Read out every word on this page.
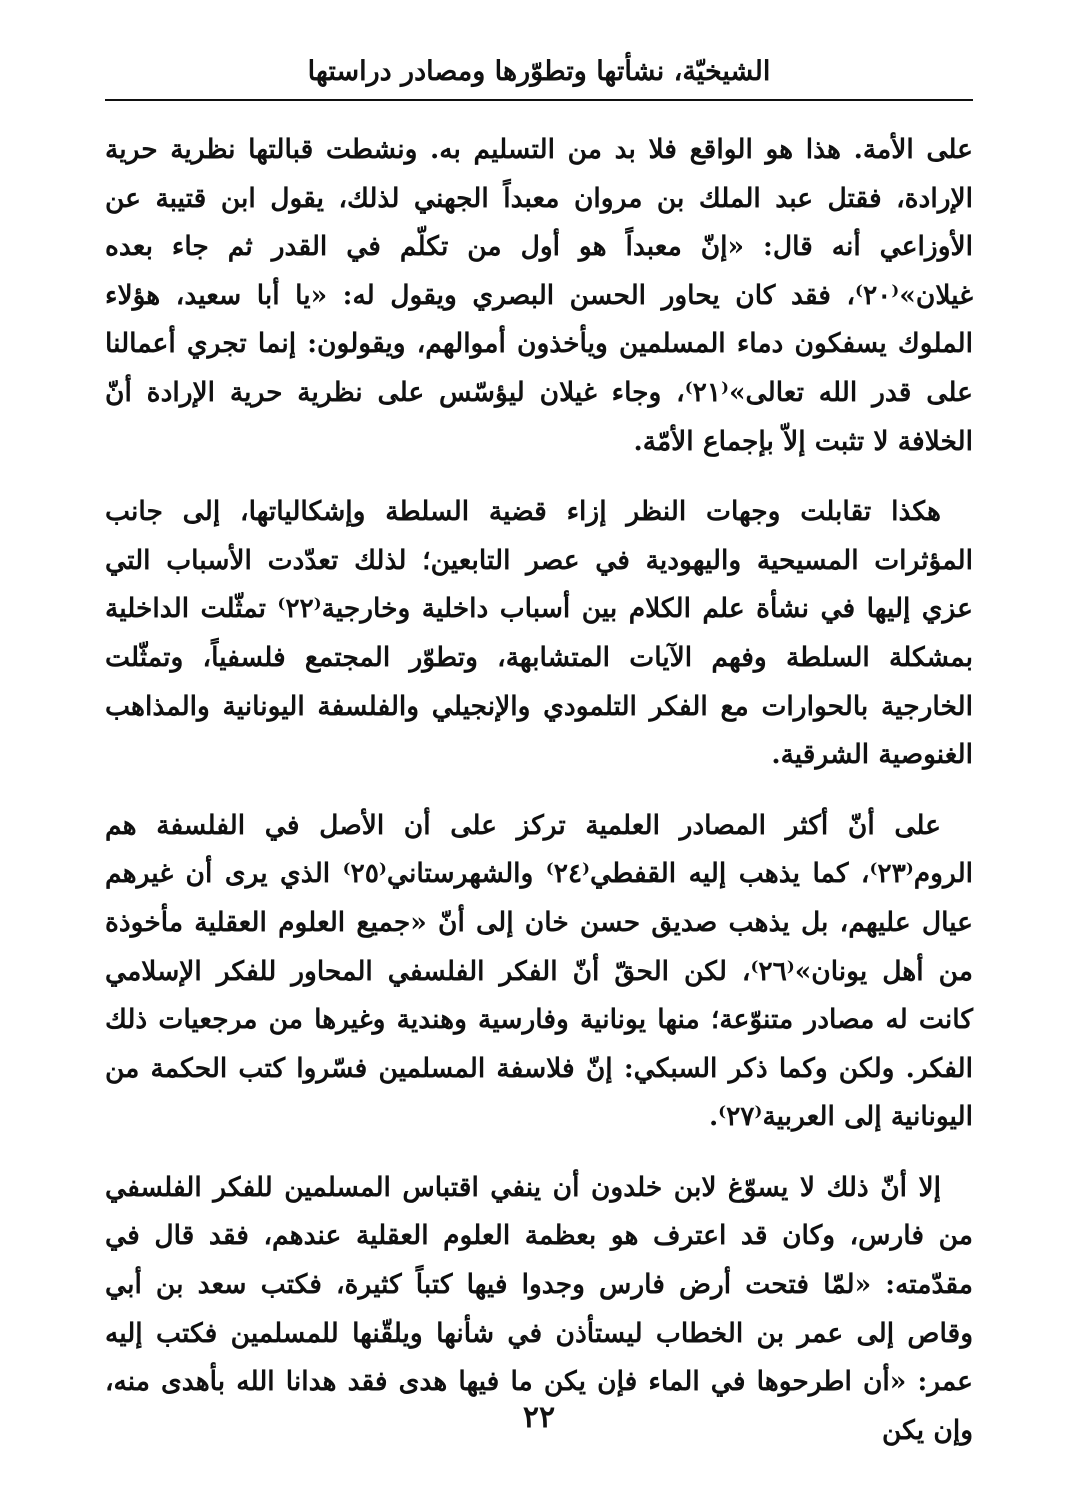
الشيخيّة، نشأتها وتطوّرها ومصادر دراستها

على الأمة. هذا هو الواقع فلا بد من التسليم به. ونشطت قبالتها نظرية حرية الإرادة، فقتل عبد الملك بن مروان معبداً الجهني لذلك، يقول ابن قتيبة عن الأوزاعي أنه قال: «إنّ معبداً هو أول من تكلّم في القدر ثم جاء بعده غيلان»⁽٢٠⁾، فقد كان يحاور الحسن البصري ويقول له: «يا أبا سعيد، هؤلاء الملوك يسفكون دماء المسلمين ويأخذون أموالهم، ويقولون: إنما تجري أعمالنا على قدر الله تعالى»⁽٢١⁾، وجاء غيلان ليؤسّس على نظرية حرية الإرادة أنّ الخلافة لا تثبت إلاّ بإجماع الأمّة.

هكذا تقابلت وجهات النظر إزاء قضية السلطة وإشكالياتها، إلى جانب المؤثرات المسيحية واليهودية في عصر التابعين؛ لذلك تعدّدت الأسباب التي عزي إليها في نشأة علم الكلام بين أسباب داخلية وخارجية⁽٢٢⁾ تمثّلت الداخلية بمشكلة السلطة وفهم الآيات المتشابهة، وتطوّر المجتمع فلسفياً، وتمثّلت الخارجية بالحوارات مع الفكر التلمودي والإنجيلي والفلسفة اليونانية والمذاهب الغنوصية الشرقية.

على أنّ أكثر المصادر العلمية تركز على أن الأصل في الفلسفة هم الروم⁽٢٣⁾، كما يذهب إليه القفطي⁽٢٤⁾ والشهرستاني⁽٢٥⁾ الذي يرى أن غيرهم عيال عليهم، بل يذهب صديق حسن خان إلى أنّ «جميع العلوم العقلية مأخوذة من أهل يونان»⁽٢٦⁾، لكن الحقّ أنّ الفكر الفلسفي المحاور للفكر الإسلامي كانت له مصادر متنوّعة؛ منها يونانية وفارسية وهندية وغيرها من مرجعيات ذلك الفكر. ولكن وكما ذكر السبكي: إنّ فلاسفة المسلمين فسّروا كتب الحكمة من اليونانية إلى العربية⁽٢٧⁾.

إلا أنّ ذلك لا يسوّغ لابن خلدون أن ينفي اقتباس المسلمين للفكر الفلسفي من فارس، وكان قد اعترف هو بعظمة العلوم العقلية عندهم، فقد قال في مقدّمته: «لمّا فتحت أرض فارس وجدوا فيها كتباً كثيرة، فكتب سعد بن أبي وقاص إلى عمر بن الخطاب ليستأذن في شأنها ويلقّنها للمسلمين فكتب إليه عمر: «أن اطرحوها في الماء فإن يكن ما فيها هدى فقد هدانا الله بأهدى منه، وإن يكن

٢٢
